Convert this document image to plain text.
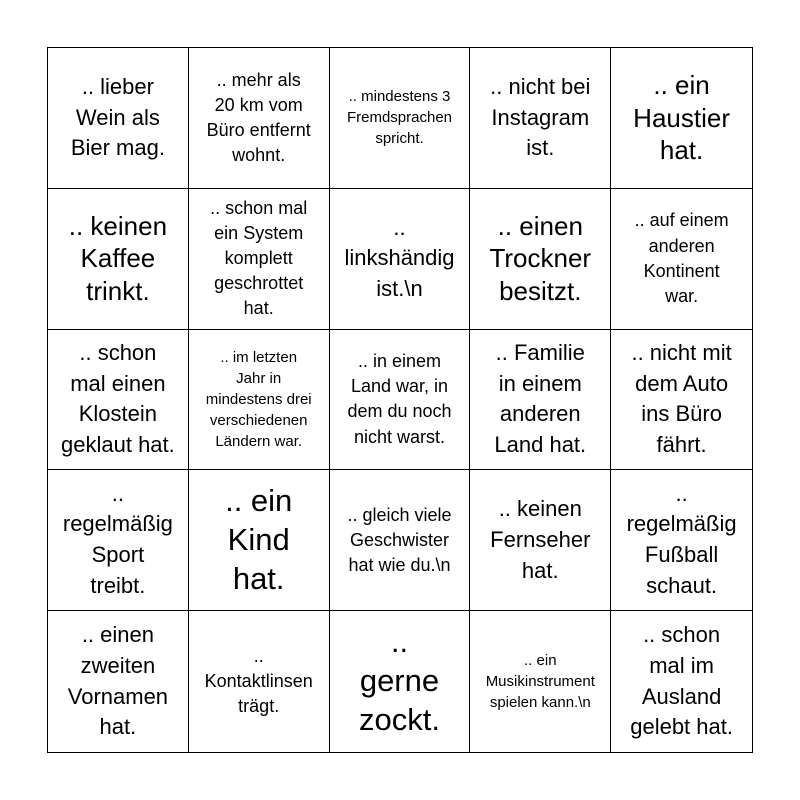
.. lieber
Wein als
Bier mag.
.. mehr als
20 km vom
Büro entfernt
wohnt.
.. mindestens 3
Fremdsprachen
spricht.
.. nicht bei
Instagram
ist.
.. ein
Haustier
hat.
.. keinen
Kaffee
trinkt.
.. schon mal
ein System
komplett
geschrottet
hat.
..
linkshändig
ist.\n
.. einen
Trockner
besitzt.
.. auf einem
anderen
Kontinent
war.
.. schon
mal einen
Klostein
geklaut hat.
.. im letzten
Jahr in
mindestens drei
verschiedenen
Ländern war.
.. in einem
Land war, in
dem du noch
nicht warst.
.. Familie
in einem
anderen
Land hat.
.. nicht mit
dem Auto
ins Büro
fährt.
..
regelmäßig
Sport
treibt.
.. ein
Kind
hat.
.. gleich viele
Geschwister
hat wie du.\n
.. keinen
Fernseher
hat.
..
regelmäßig
Fußball
schaut.
.. einen
zweiten
Vornamen
hat.
..
Kontaktlinsen
trägt.
..
gerne
zockt.
.. ein
Musikinstrument
spielen kann.\n
.. schon
mal im
Ausland
gelebt hat.
